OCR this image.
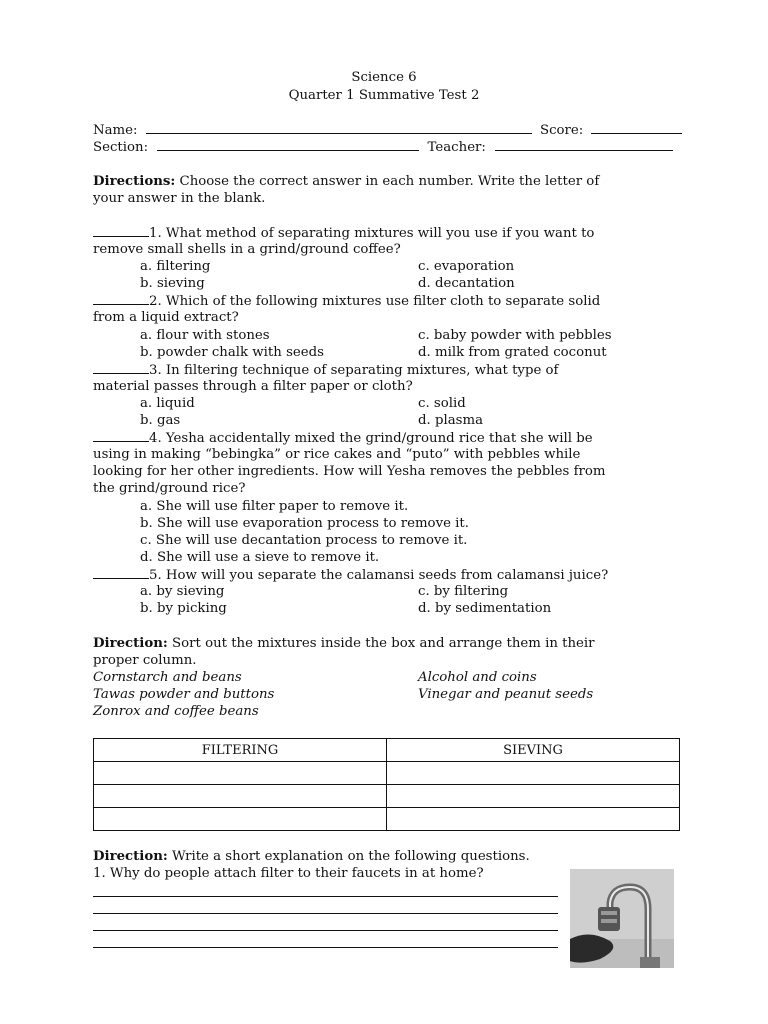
Science 6
Quarter 1 Summative Test 2
Name:	Score:
Section:	Teacher:
Directions: Choose the correct answer in each number. Write the letter of
your answer in the blank.
1. What method of separating mixtures will you use if you want to
remove small shells in a grind/ground coffee?
a. filtering	c. evaporation
b. sieving	d. decantation
2. Which of the following mixtures use filter cloth to separate solid
from a liquid extract?
a. flour with stones	c. baby powder with pebbles
b. powder chalk with seeds	d. milk from grated coconut
3. In filtering technique of separating mixtures, what type of
material passes through a filter paper or cloth?
a. liquid	c. solid
b. gas	d. plasma
4. Yesha accidentally mixed the grind/ground rice that she will be
using in making “bebingka” or rice cakes and “puto” with pebbles while
looking for her other ingredients. How will Yesha removes the pebbles from
the grind/ground rice?
a. She will use filter paper to remove it.
b. She will use evaporation process to remove it.
c. She will use decantation process to remove it.
d. She will use a sieve to remove it.
5. How will you separate the calamansi seeds from calamansi juice?
a. by sieving	c. by filtering
b. by picking	d. by sedimentation
Direction: Sort out the mixtures inside the box and arrange them in their
proper column.
Cornstarch and beans	Alcohol and coins
Tawas powder and buttons	Vinegar and peanut seeds
Zonrox and coffee beans
FILTERING	SIEVING

Direction: Write a short explanation on the following questions.
1. Why do people attach filter to their faucets in at home?
